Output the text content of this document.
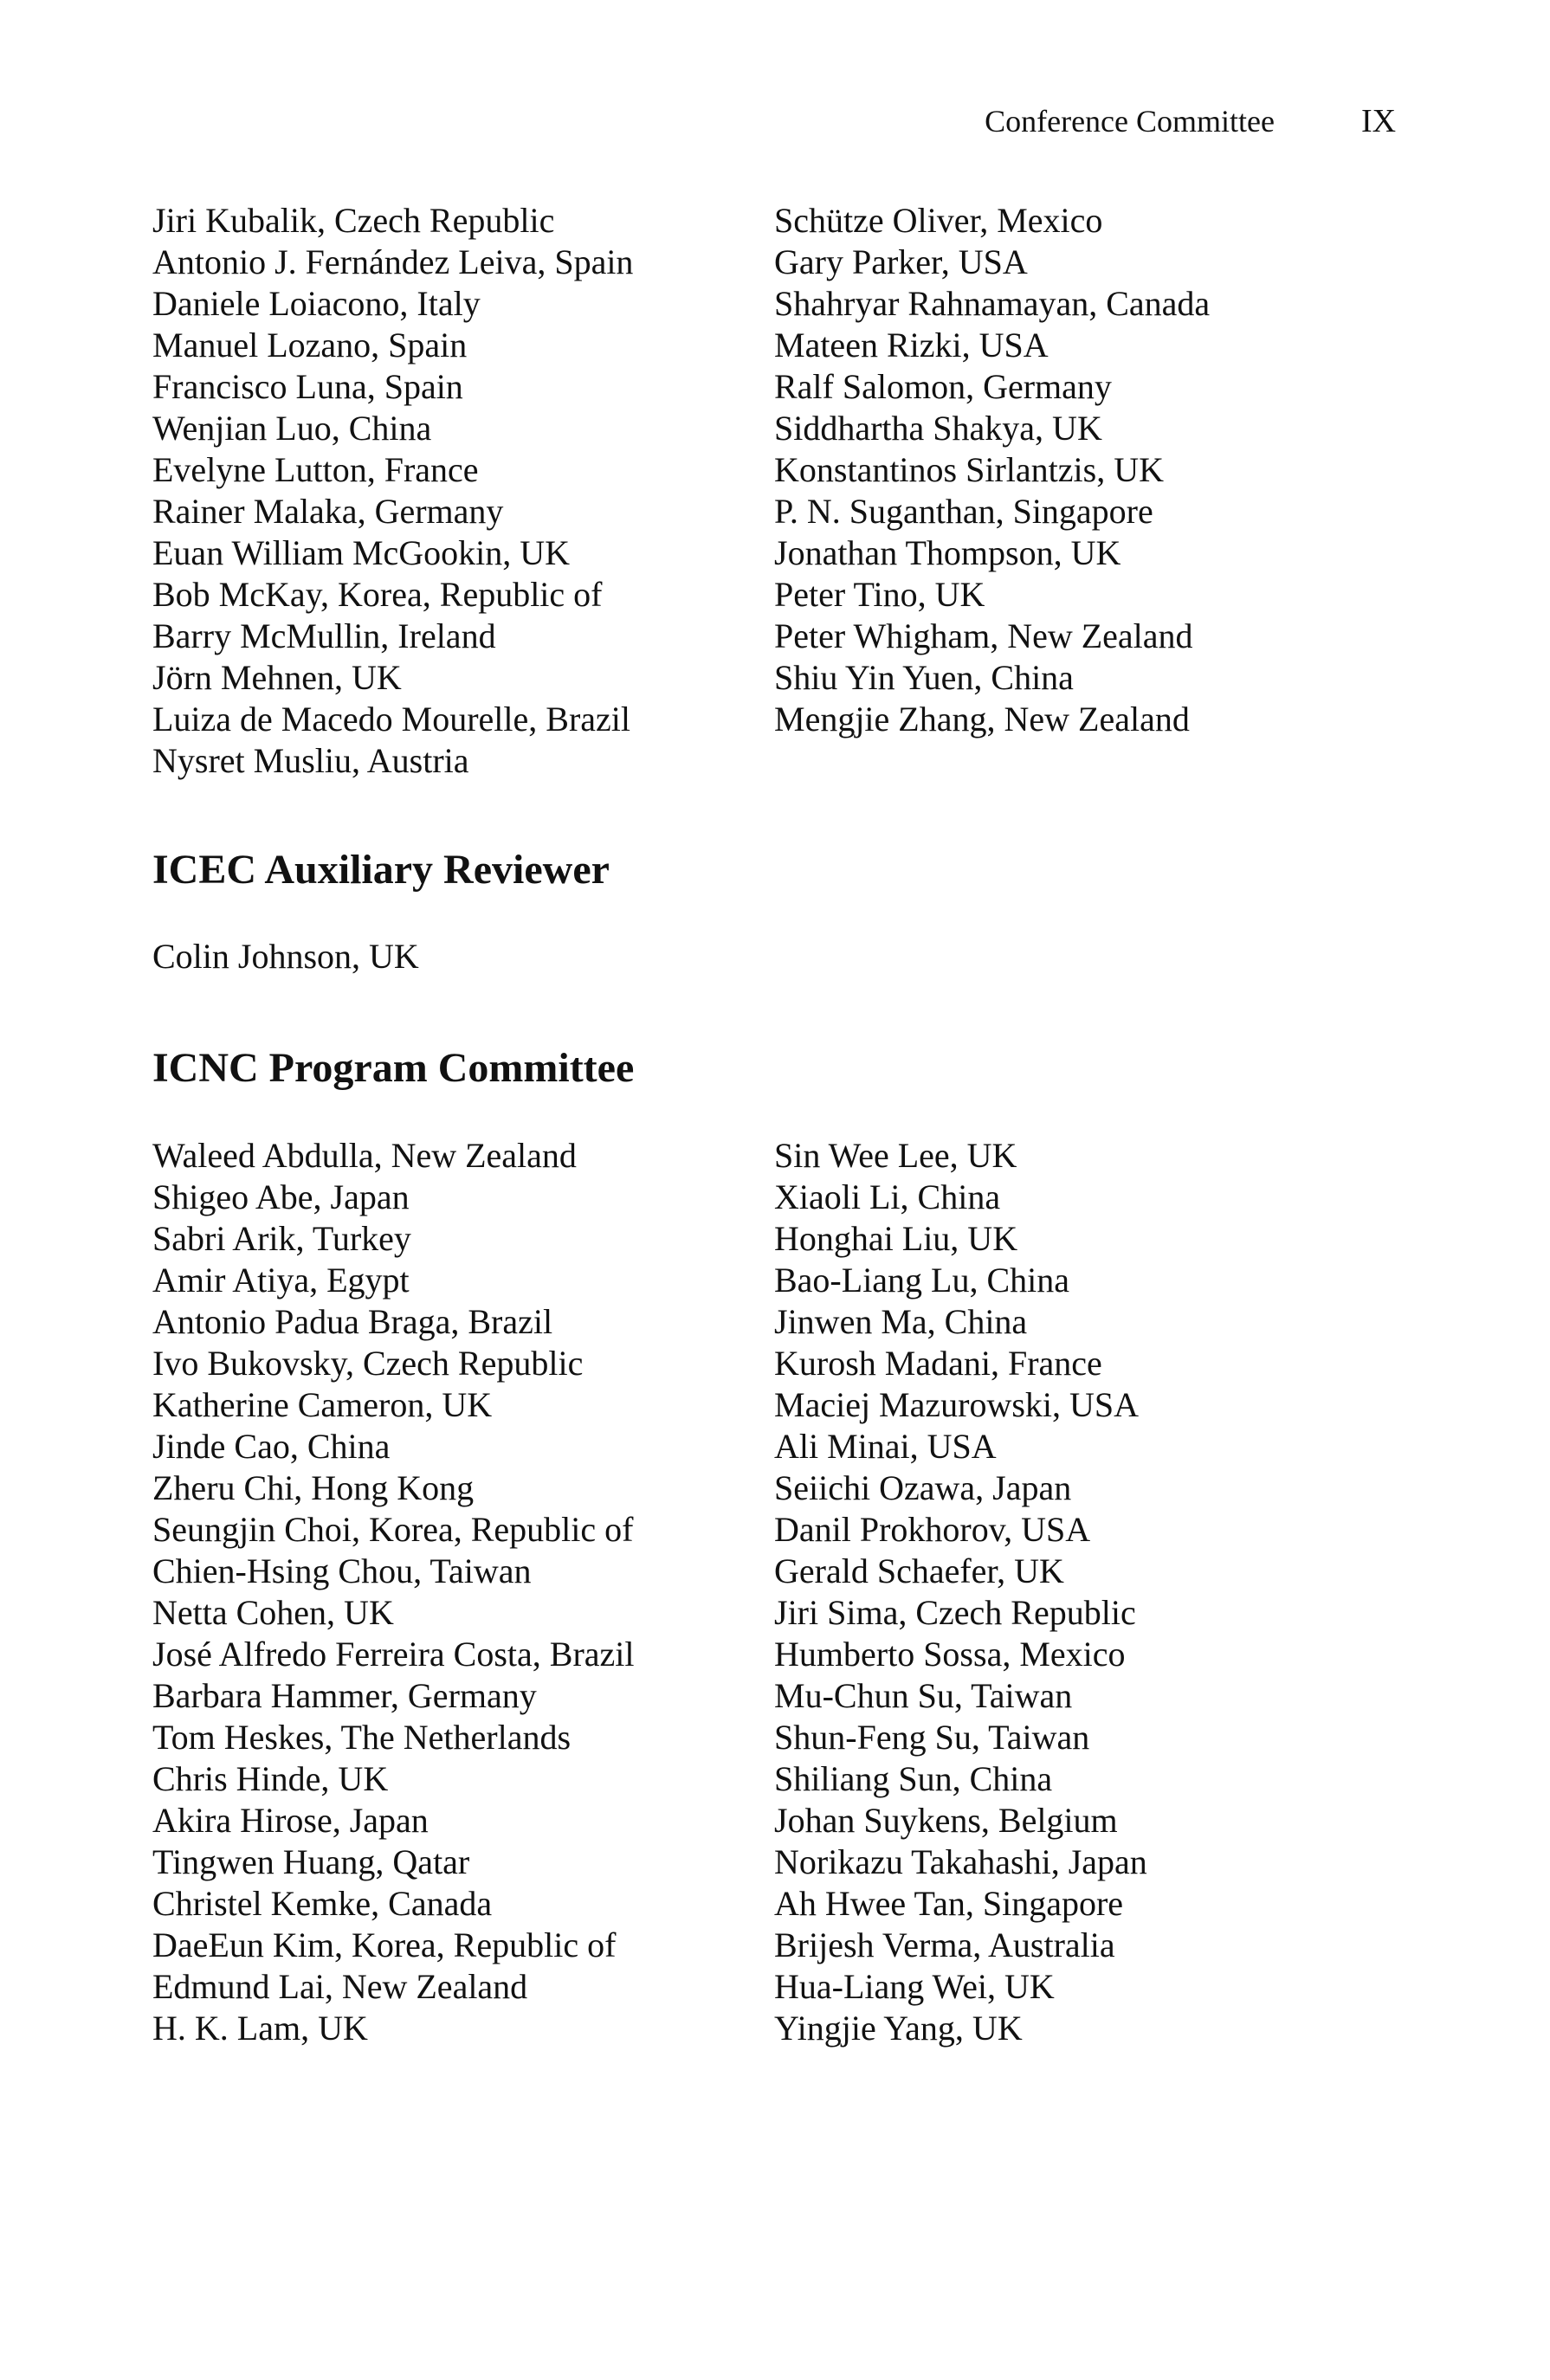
Conference Committee	IX
Jiri Kubalik, Czech Republic
Antonio J. Fernández Leiva, Spain
Daniele Loiacono, Italy
Manuel Lozano, Spain
Francisco Luna, Spain
Wenjian Luo, China
Evelyne Lutton, France
Rainer Malaka, Germany
Euan William McGookin, UK
Bob McKay, Korea, Republic of
Barry McMullin, Ireland
Jörn Mehnen, UK
Luiza de Macedo Mourelle, Brazil
Nysret Musliu, Austria
Schütze Oliver, Mexico
Gary Parker, USA
Shahryar Rahnamayan, Canada
Mateen Rizki, USA
Ralf Salomon, Germany
Siddhartha Shakya, UK
Konstantinos Sirlantzis, UK
P. N. Suganthan, Singapore
Jonathan Thompson, UK
Peter Tino, UK
Peter Whigham, New Zealand
Shiu Yin Yuen, China
Mengjie Zhang, New Zealand
ICEC Auxiliary Reviewer

Colin Johnson, UK

ICNC Program Committee
Waleed Abdulla, New Zealand
Shigeo Abe, Japan
Sabri Arik, Turkey
Amir Atiya, Egypt
Antonio Padua Braga, Brazil
Ivo Bukovsky, Czech Republic
Katherine Cameron, UK
Jinde Cao, China
Zheru Chi, Hong Kong
Seungjin Choi, Korea, Republic of
Chien-Hsing Chou, Taiwan
Netta Cohen, UK
José Alfredo Ferreira Costa, Brazil
Barbara Hammer, Germany
Tom Heskes, The Netherlands
Chris Hinde, UK
Akira Hirose, Japan
Tingwen Huang, Qatar
Christel Kemke, Canada
DaeEun Kim, Korea, Republic of
Edmund Lai, New Zealand
H. K. Lam, UK
Sin Wee Lee, UK
Xiaoli Li, China
Honghai Liu, UK
Bao-Liang Lu, China
Jinwen Ma, China
Kurosh Madani, France
Maciej Mazurowski, USA
Ali Minai, USA
Seiichi Ozawa, Japan
Danil Prokhorov, USA
Gerald Schaefer, UK
Jiri Sima, Czech Republic
Humberto Sossa, Mexico
Mu-Chun Su, Taiwan
Shun-Feng Su, Taiwan
Shiliang Sun, China
Johan Suykens, Belgium
Norikazu Takahashi, Japan
Ah Hwee Tan, Singapore
Brijesh Verma, Australia
Hua-Liang Wei, UK
Yingjie Yang, UK
